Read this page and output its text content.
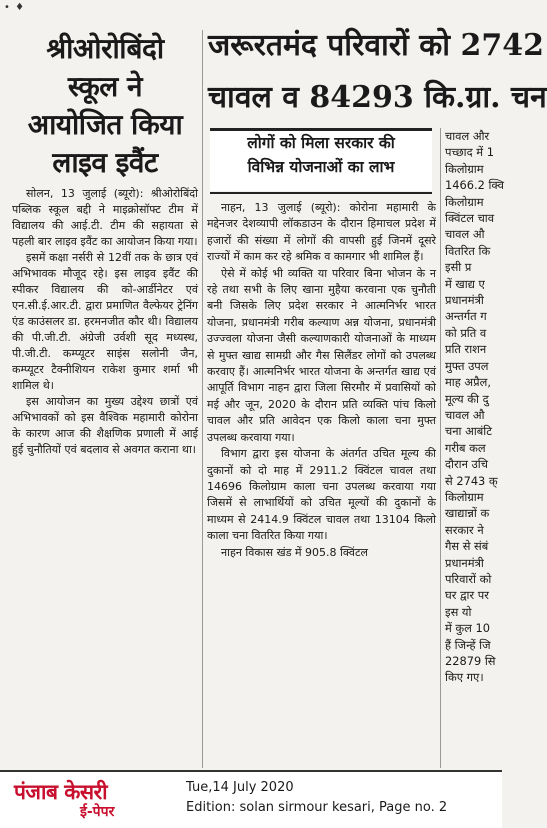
• ♦
श्रीओरोबिंदो
स्कूल ने
आयोजित किया
लाइव इवैंट

सोलन, 13 जुलाई (ब्यूरो): श्रीओरोबिंदो पब्लिक स्कूल बद्दी ने माइक्रोसॉफ्ट टीम में विद्यालय की आई.टी. टीम की सहायता से पहली बार लाइव इवैंट का आयोजन किया गया।

इसमें कक्षा नर्सरी से 12वीं तक के छात्र एवं अभिभावक मौजूद रहे। इस लाइव इवैंट की स्पीकर विद्यालय की को-आर्डीनेटर एवं एन.सी.ई.आर.टी. द्वारा प्रमाणित वैल्फेयर ट्रेनिंग एंड काउंसलर डा. हरमनजीत कौर थी। विद्यालय की पी.जी.टी. अंग्रेजी उर्वशी सूद मध्यस्थ, पी.जी.टी. कम्प्यूटर साइंस सलोनी जैन, कम्प्यूटर टैक्नीशियन राकेश कुमार शर्मा भी शामिल थे।

इस आयोजन का मुख्य उद्देश्य छात्रों एवं अभिभावकों को इस वैश्विक महामारी कोरोना के कारण आज की शैक्षणिक प्रणाली में आई हुई चुनौतियों एवं बदलाव से अवगत कराना था।

जरूरतमंद परिवारों को 2742
चावल व 84293 कि.ग्रा. चन
लोगों को मिला सरकार की
विभिन्न योजनाओं का लाभ

नाहन, 13 जुलाई (ब्यूरो): कोरोना महामारी के मद्देनजर देशव्यापी लॉकडाउन के दौरान हिमाचल प्रदेश में हजारों की संख्या में लोगों की वापसी हुई जिनमें दूसरे राज्यों में काम कर रहे श्रमिक व कामगार भी शामिल हैं।

ऐसे में कोई भी व्यक्ति या परिवार बिना भोजन के न रहे तथा सभी के लिए खाना मुहैया करवाना एक चुनौती बनी जिसके लिए प्रदेश सरकार ने आत्मनिर्भर भारत योजना, प्रधानमंत्री गरीब कल्याण अन्न योजना, प्रधानमंत्री उज्ज्वला योजना जैसी कल्याणकारी योजनाओं के माध्यम से मुफ्त खाद्य सामग्री और गैस सिलैंडर लोगों को उपलब्ध करवाए हैं। आत्मनिर्भर भारत योजना के अन्तर्गत खाद्य एवं आपूर्ति विभाग नाहन द्वारा जिला सिरमौर में प्रवासियों को मई और जून, 2020 के दौरान प्रति व्यक्ति पांच किलो चावल और प्रति आवेदन एक किलो काला चना मुफ्त उपलब्ध करवाया गया।

विभाग द्वारा इस योजना के अंतर्गत उचित मूल्य की दुकानों को दो माह में 2911.2 क्विंटल चावल तथा 14696 किलोग्राम काला चना उपलब्ध करवाया गया जिसमें से लाभार्थियों को उचित मूल्यों की दुकानों के माध्यम से 2414.9 क्विंटल चावल तथा 13104 किलो काला चना वितरित किया गया।

नाहन विकास खंड में 905.8 क्विंटल

चावल और
पच्छाद में 1
किलोग्राम
1466.2 क्वि
किलोग्राम
क्विंटल चाव
चावल औ
वितरित कि
इसी प्र
में खाद्य ए
प्रधानमंत्री
अन्तर्गत ग
को प्रति व
प्रति राशन
मुफ्त उपल
माह अप्रैल,
मूल्य की दु
चावल औ
चना आबंटि
गरीब कल
दौरान उचि
से 2743 क्
किलोग्राम
खाद्यान्नों क
सरकार ने
गैस से संबं
प्रधानमंत्री
परिवारों को
घर द्वार पर
इस यो
में कुल 10
हैं जिन्हें जि
22879 सि
किए गए।
पंजाब केसरी
ई-पेपर
Tue,14 July 2020
Edition: solan sirmour kesari, Page no. 2
